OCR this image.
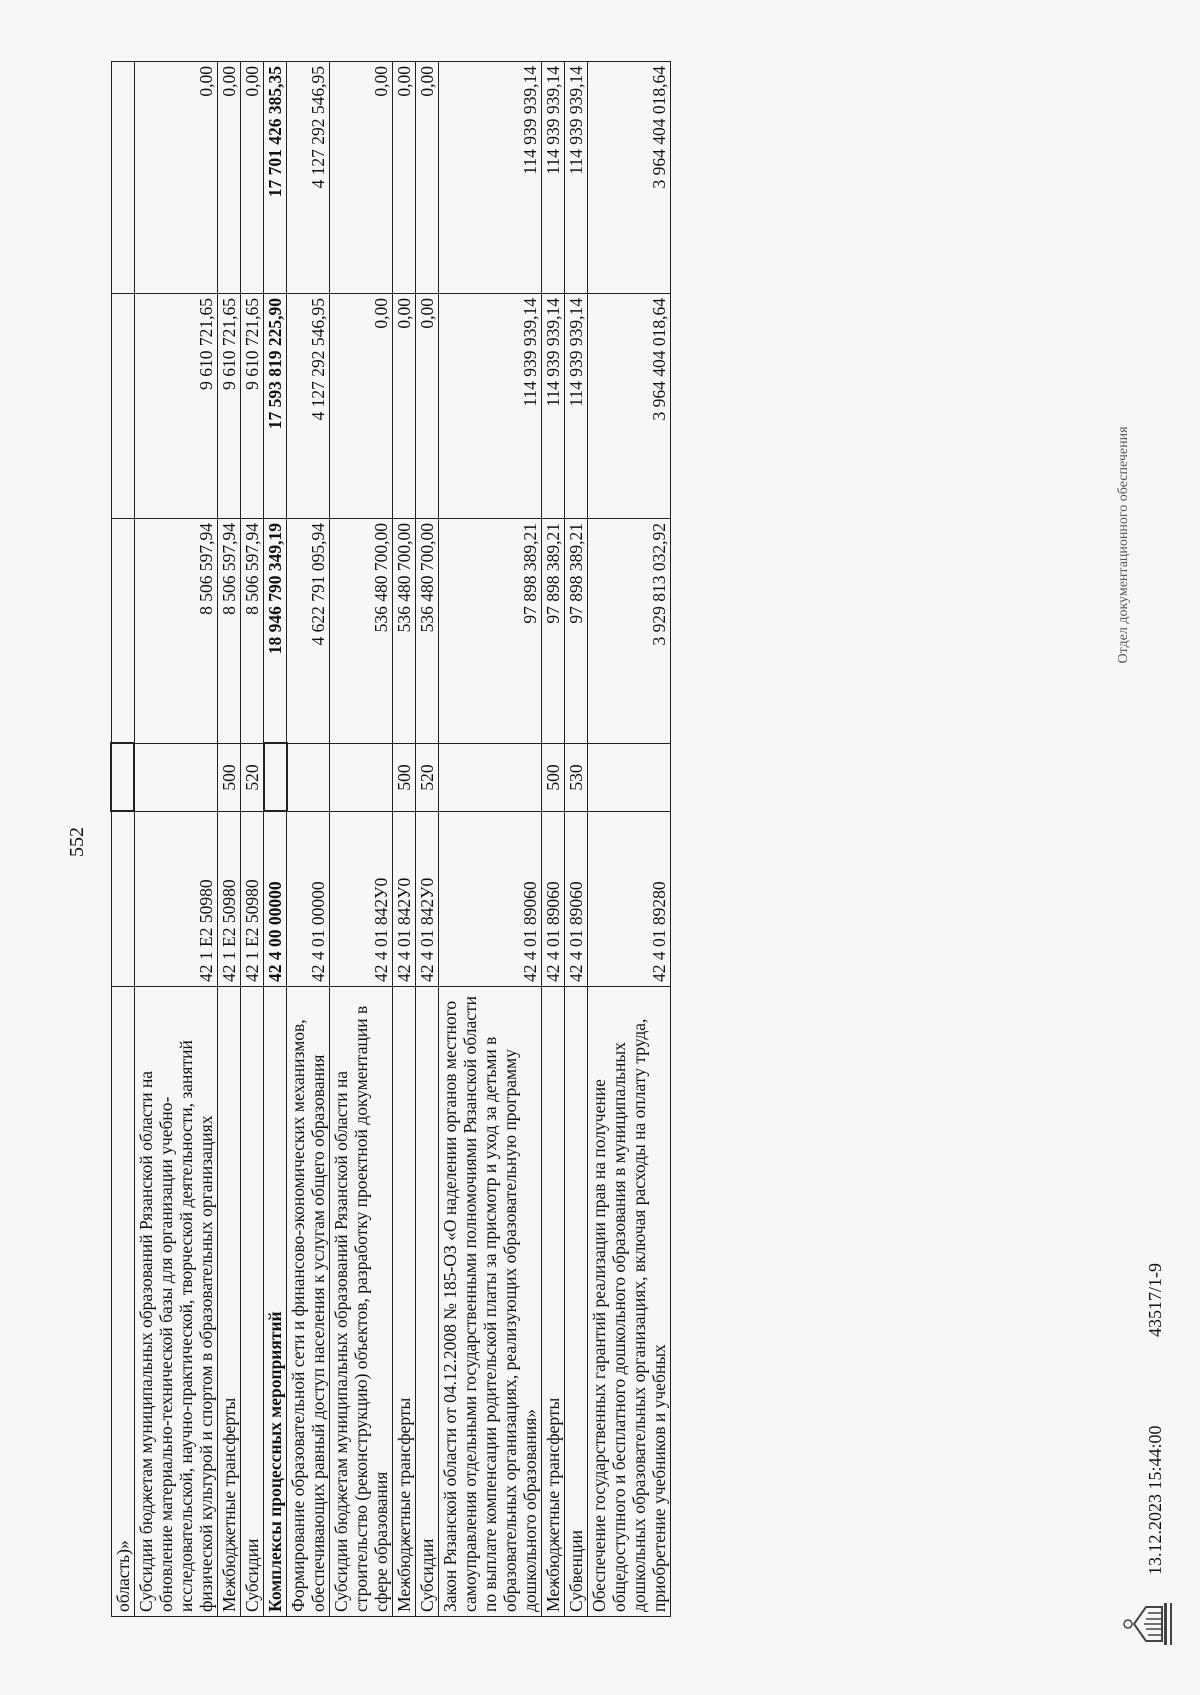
552
область)»					
Субсидии бюджетам муниципальных образований Рязанской области на обновление материально-технической базы для организации учебно-исследовательской, научно-практической, творческой деятельности, занятий физической культурой и спортом в образовательных организациях	42 1 E2 50980		8 506 597,94	9 610 721,65	0,00
Межбюджетные трансферты	42 1 E2 50980	500	8 506 597,94	9 610 721,65	0,00
Субсидии	42 1 E2 50980	520	8 506 597,94	9 610 721,65	0,00
Комплексы процессных мероприятий	42 4 00 00000		18 946 790 349,19	17 593 819 225,90	17 701 426 385,35
Формирование образовательной сети и финансово-экономических механизмов, обеспечивающих равный доступ населения к услугам общего образования	42 4 01 00000		4 622 791 095,94	4 127 292 546,95	4 127 292 546,95
Субсидии бюджетам муниципальных образований Рязанской области на строительство (реконструкцию) объектов, разработку проектной документации в сфере образования	42 4 01 842У0		536 480 700,00	0,00	0,00
Межбюджетные трансферты	42 4 01 842У0	500	536 480 700,00	0,00	0,00
Субсидии	42 4 01 842У0	520	536 480 700,00	0,00	0,00
Закон Рязанской области от 04.12.2008 № 185-ОЗ «О наделении органов местного самоуправления отдельными государственными полномочиями Рязанской области по выплате компенсации родительской платы за присмотр и уход за детьми в образовательных организациях, реализующих образовательную программу дошкольного образования»	42 4 01 89060		97 898 389,21	114 939 939,14	114 939 939,14
Межбюджетные трансферты	42 4 01 89060	500	97 898 389,21	114 939 939,14	114 939 939,14
Субвенции	42 4 01 89060	530	97 898 389,21	114 939 939,14	114 939 939,14
Обеспечение государственных гарантий реализации прав на получение общедоступного и бесплатного дошкольного образования в муниципальных дошкольных образовательных организациях, включая расходы на оплату труда, приобретение учебников и учебных	42 4 01 89280		3 929 813 032,92	3 964 404 018,64	3 964 404 018,64
13.12.2023 15:44:00
43517/1-9
Отдел документационного обеспечения
